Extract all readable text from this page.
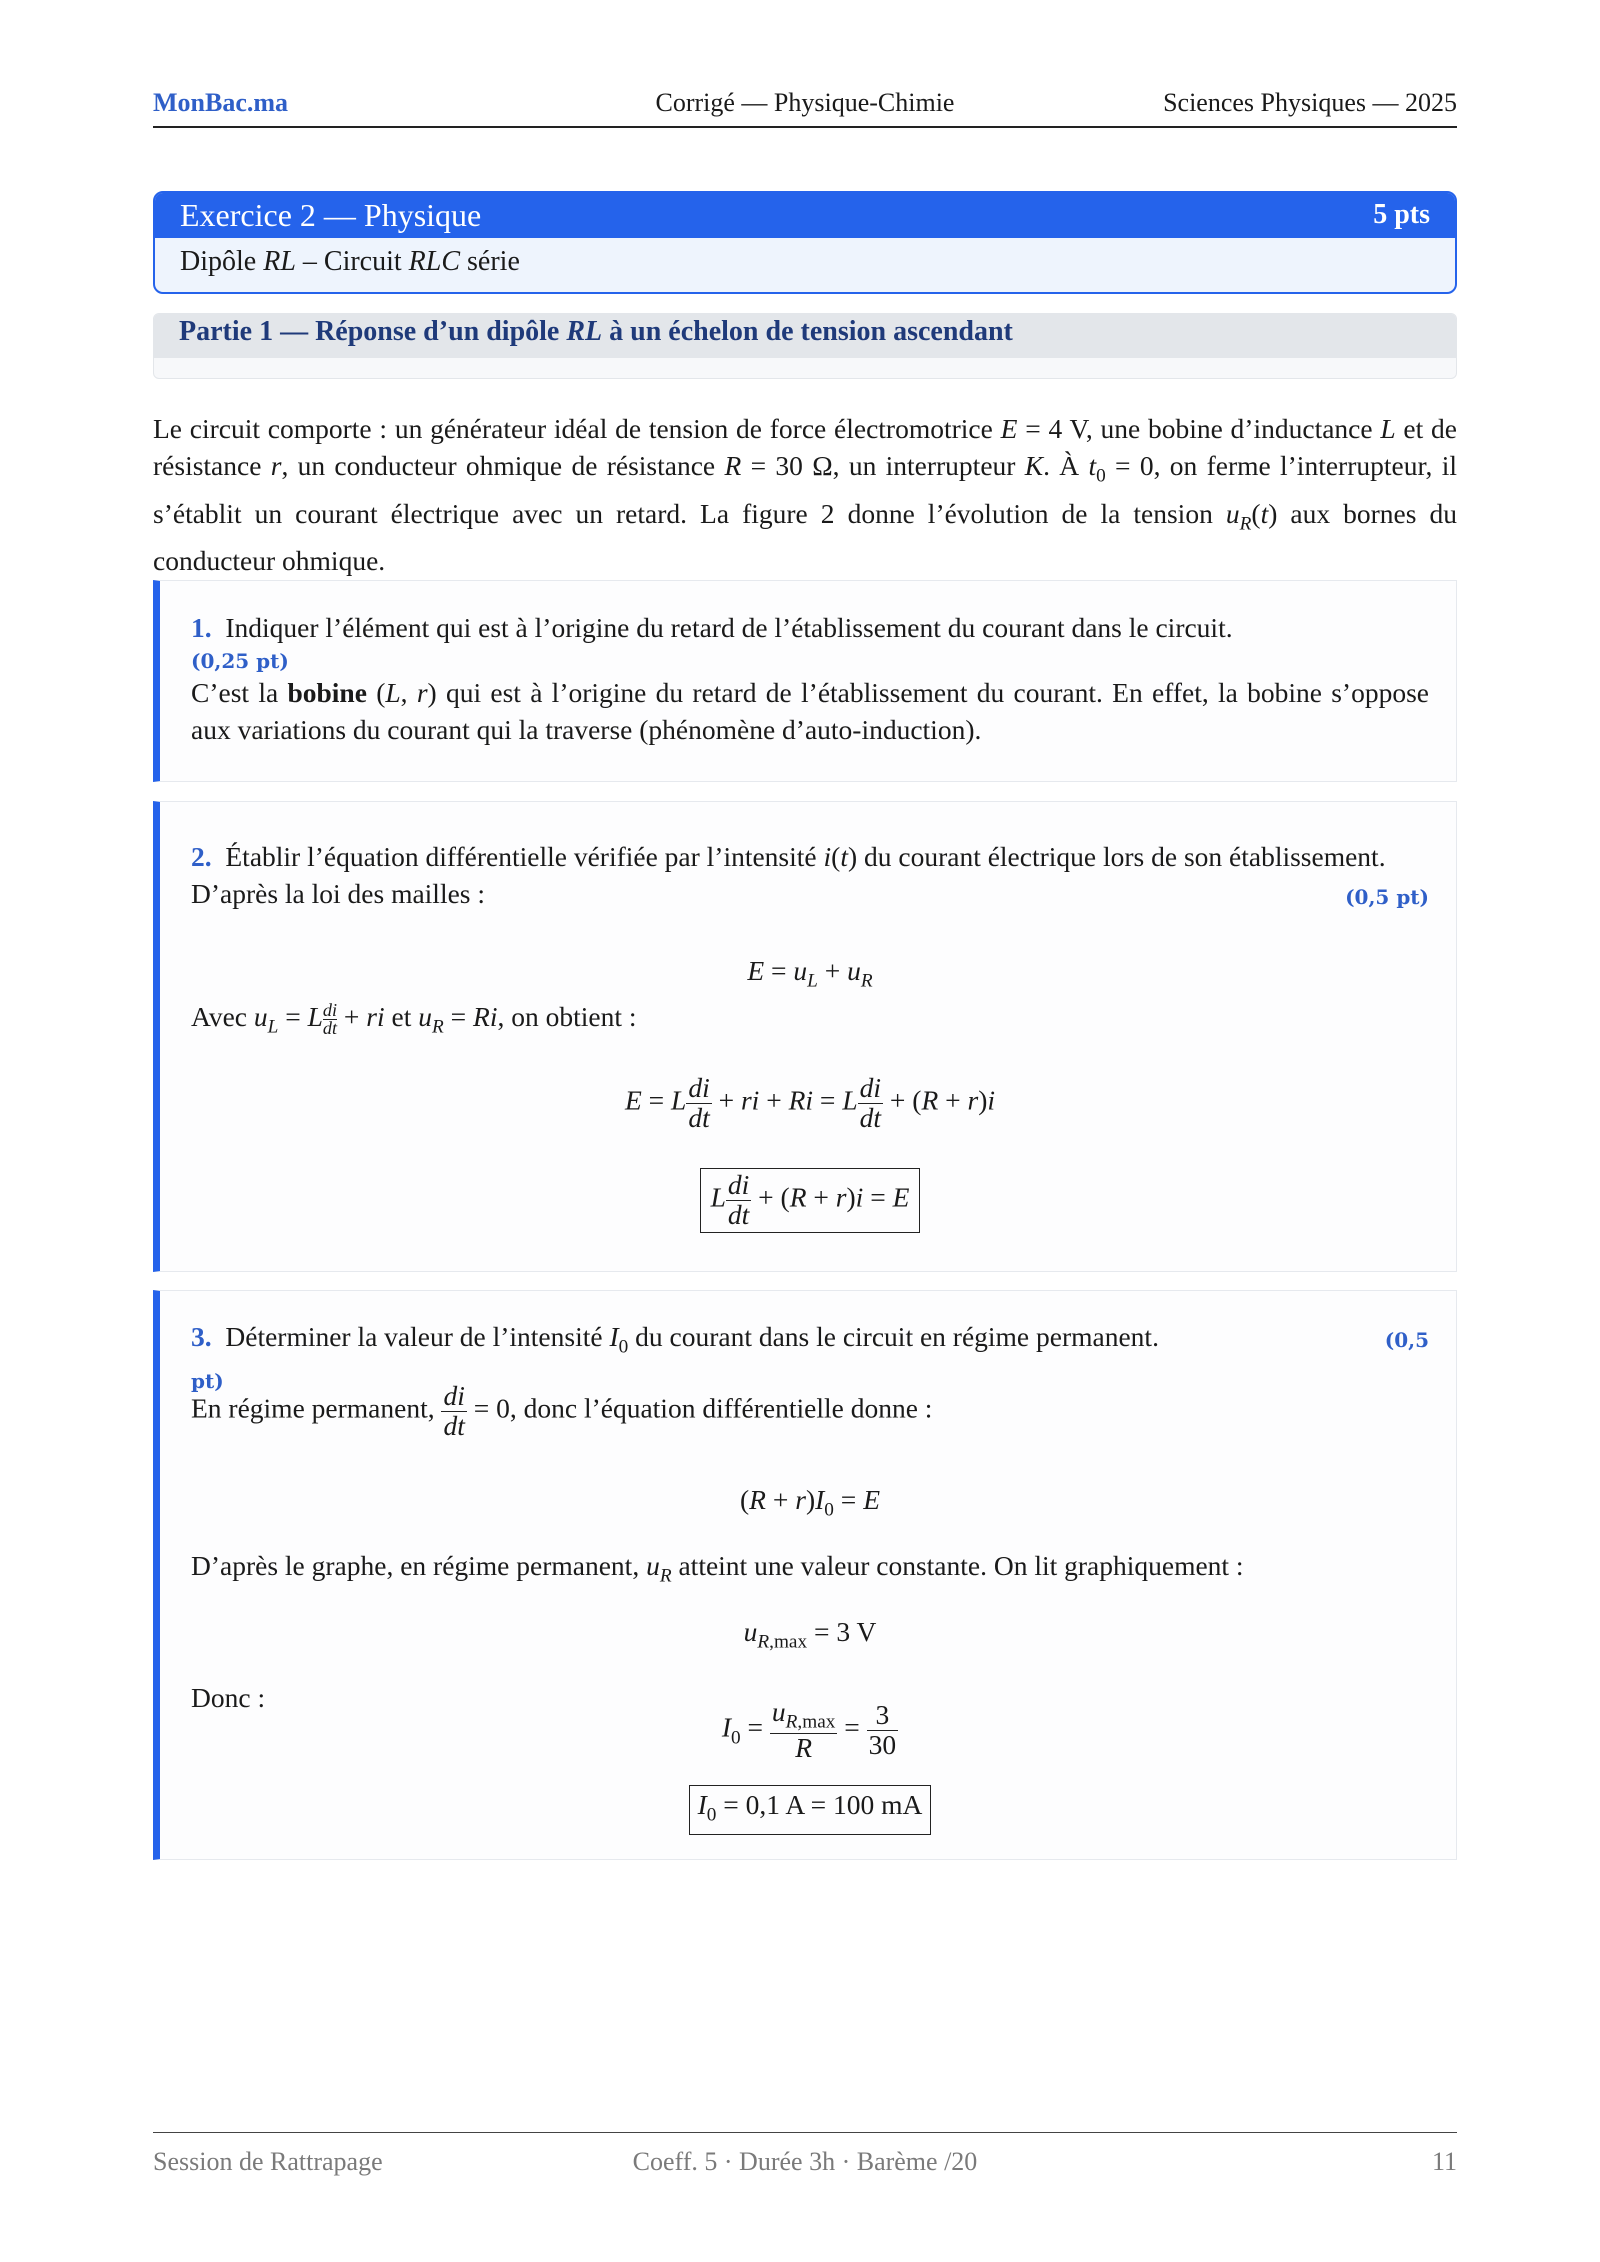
MonBac.ma	Corrigé — Physique-Chimie	Sciences Physiques — 2025
Exercice 2 — Physique	5 pts
Dipôle RL – Circuit RLC série
Partie 1 — Réponse d’un dipôle RL à un échelon de tension ascendant
Le circuit comporte : un générateur idéal de tension de force électromotrice E = 4 V, une bobine d’inductance L et de résistance r, un conducteur ohmique de résistance R = 30 Ω, un interrupteur K. À $t_0 = 0$, on ferme l’interrupteur, il s’établit un courant électrique avec un retard. La figure 2 donne l’évolution de la tension $u_R(t)$ aux bornes du conducteur ohmique.
1. Indiquer l’élément qui est à l’origine du retard de l’établissement du courant dans le circuit.
(0,25 pt)
C’est la bobine (L, r) qui est à l’origine du retard de l’établissement du courant. En effet, la bobine s’oppose aux variations du courant qui la traverse (phénomène d’auto-induction).
2. Établir l’équation différentielle vérifiée par l’intensité i(t) du courant électrique lors de son établissement.
(0,5 pt)
D’après la loi des mailles :
$E = u_L + u_R$
Avec $u_L = L \frac{di}{dt}$ + ri et $u_R = Ri$, on obtient :
E = L $\frac{di}{dt}$ + ri + Ri = L $\frac{di}{dt} + (R + r)i$
L $\frac{di}{dt} + (R + r)i = E$
3. Déterminer la valeur de l’intensité $I_0$ du courant dans le circuit en régime permanent.	(0,5
pt)
En régime permanent, $\frac{di}{dt} = 0$, donc l’équation différentielle donne :
$(R + r)I_0 = E$
D’après le graphe, en régime permanent, $u_R$ atteint une valeur constante. On lit graphiquement :
$u_{R,max} = 3$ V
Donc :
$I_0 = \frac{u_{R,max}}{R} = \frac{3}{30}$
$I_0 = 0,1$ A = 100 mA
Session de Rattrapage	Coeff. 5 · Durée 3h · Barème /20	11
